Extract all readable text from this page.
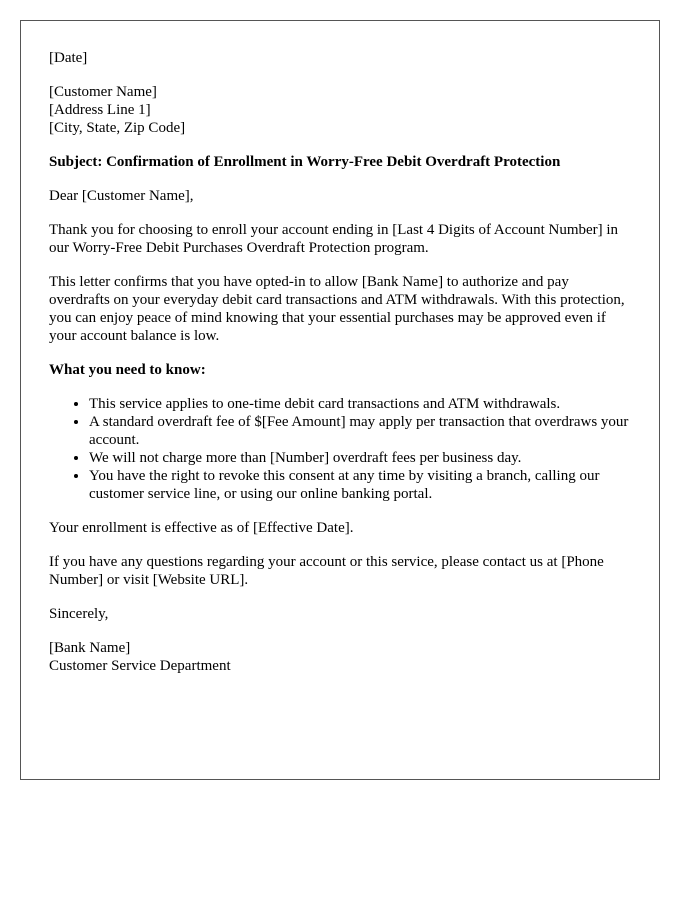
[Date]

[Customer Name]
[Address Line 1]
[City, State, Zip Code]

Subject: Confirmation of Enrollment in Worry-Free Debit Overdraft Protection

Dear [Customer Name],

Thank you for choosing to enroll your account ending in [Last 4 Digits of Account Number] in our Worry-Free Debit Purchases Overdraft Protection program.

This letter confirms that you have opted-in to allow [Bank Name] to authorize and pay overdrafts on your everyday debit card transactions and ATM withdrawals. With this protection, you can enjoy peace of mind knowing that your essential purchases may be approved even if your account balance is low.

What you need to know:

• This service applies to one-time debit card transactions and ATM withdrawals.
• A standard overdraft fee of $[Fee Amount] may apply per transaction that overdraws your account.
• We will not charge more than [Number] overdraft fees per business day.
• You have the right to revoke this consent at any time by visiting a branch, calling our customer service line, or using our online banking portal.

Your enrollment is effective as of [Effective Date].

If you have any questions regarding your account or this service, please contact us at [Phone Number] or visit [Website URL].

Sincerely,

[Bank Name]
Customer Service Department
